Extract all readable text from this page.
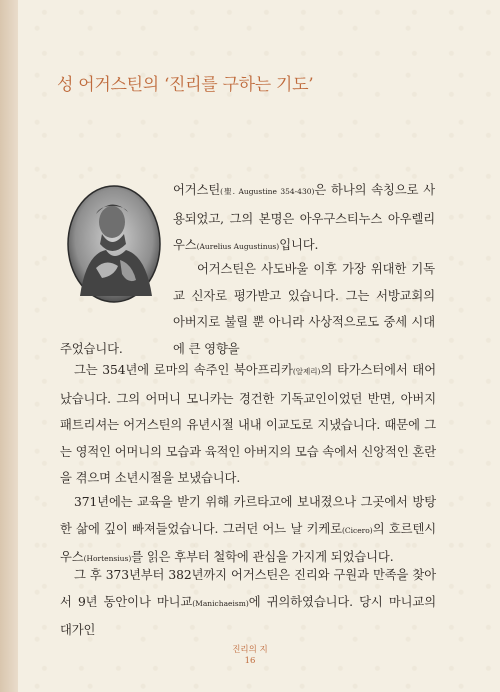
성 어거스틴의 ‘진리를 구하는 기도’
어거스틴(聖. Augustine 354-430)은 하나의 속칭으로 사용되었고, 그의 본명은 아우구스티누스 아우렐리우스(Aurelius Augustinus)입니다.
어거스틴은 사도바울 이후 가장 위대한 기독교 신자로 평가받고 있습니다. 그는 서방교회의 아버지로 불릴 뿐 아니라 사상적으로도 중세 시대에 큰 영향을
주었습니다.
그는 354년에 로마의 속주인 북아프리카(알제리)의 타가스터에서 태어났습니다. 그의 어머니 모니카는 경건한 기독교인이었던 반면, 아버지 패트리셔는 어거스틴의 유년시절 내내 이교도로 지냈습니다. 때문에 그는 영적인 어머니의 모습과 육적인 아버지의 모습 속에서 신앙적인 혼란을 겪으며 소년시절을 보냈습니다.
371년에는 교육을 받기 위해 카르타고에 보내졌으나 그곳에서 방탕한 삶에 깊이 빠져들었습니다. 그러던 어느 날 키케로(Cicero)의 호르텐시우스(Hortensius)를 읽은 후부터 철학에 관심을 가지게 되었습니다.
그 후 373년부터 382년까지 어거스틴은 진리와 구원과 만족을 찾아서 9년 동안이나 마니교(Manichaeism)에 귀의하였습니다. 당시 마니교의 대가인
진리의 지
16
